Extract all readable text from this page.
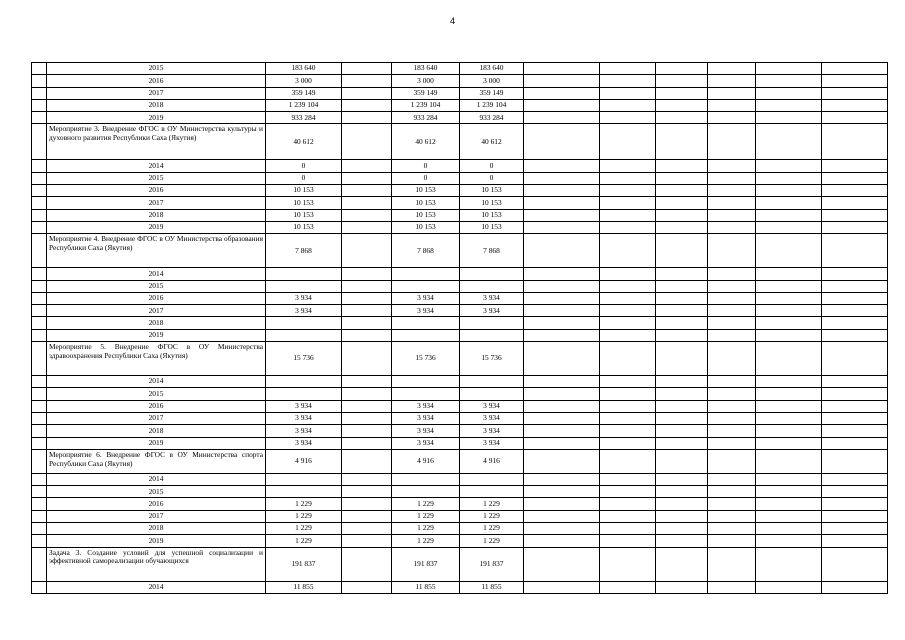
4
	2015	183 640		183 640	183 640						
	2016	3 000		3 000	3 000						
	2017	359 149		359 149	359 149						
	2018	1 239 104		1 239 104	1 239 104						
	2019	933 284		933 284	933 284						
	Мероприятие 3. Внедрение ФГОС в ОУ Министерства культуры и духовного развития Республики Саха (Якутия)	40 612		40 612	40 612						
	2014	0		0	0						
	2015	0		0	0						
	2016	10 153		10 153	10 153						
	2017	10 153		10 153	10 153						
	2018	10 153		10 153	10 153						
	2019	10 153		10 153	10 153						
	Мероприятие 4. Внедрение ФГОС в ОУ Министерства образования Республики Саха (Якутия)	7 868		7 868	7 868						
	2014										
	2015										
	2016	3 934		3 934	3 934						
	2017	3 934		3 934	3 934						
	2018										
	2019										
	Мероприятие 5. Внедрение ФГОС в ОУ Министерства здравоохранения Республики Саха (Якутия)	15 736		15 736	15 736						
	2014										
	2015										
	2016	3 934		3 934	3 934						
	2017	3 934		3 934	3 934						
	2018	3 934		3 934	3 934						
	2019	3 934		3 934	3 934						
	Мероприятие 6. Внедрение ФГОС в ОУ Министерства спорта Республики Саха (Якутия)	4 916		4 916	4 916						
	2014										
	2015										
	2016	1 229		1 229	1 229						
	2017	1 229		1 229	1 229						
	2018	1 229		1 229	1 229						
	2019	1 229		1 229	1 229						
	Задача 3. Создание условий для успешной социализации и эффективной самореализации обучающихся	191 837		191 837	191 837						
	2014	11 855		11 855	11 855						
